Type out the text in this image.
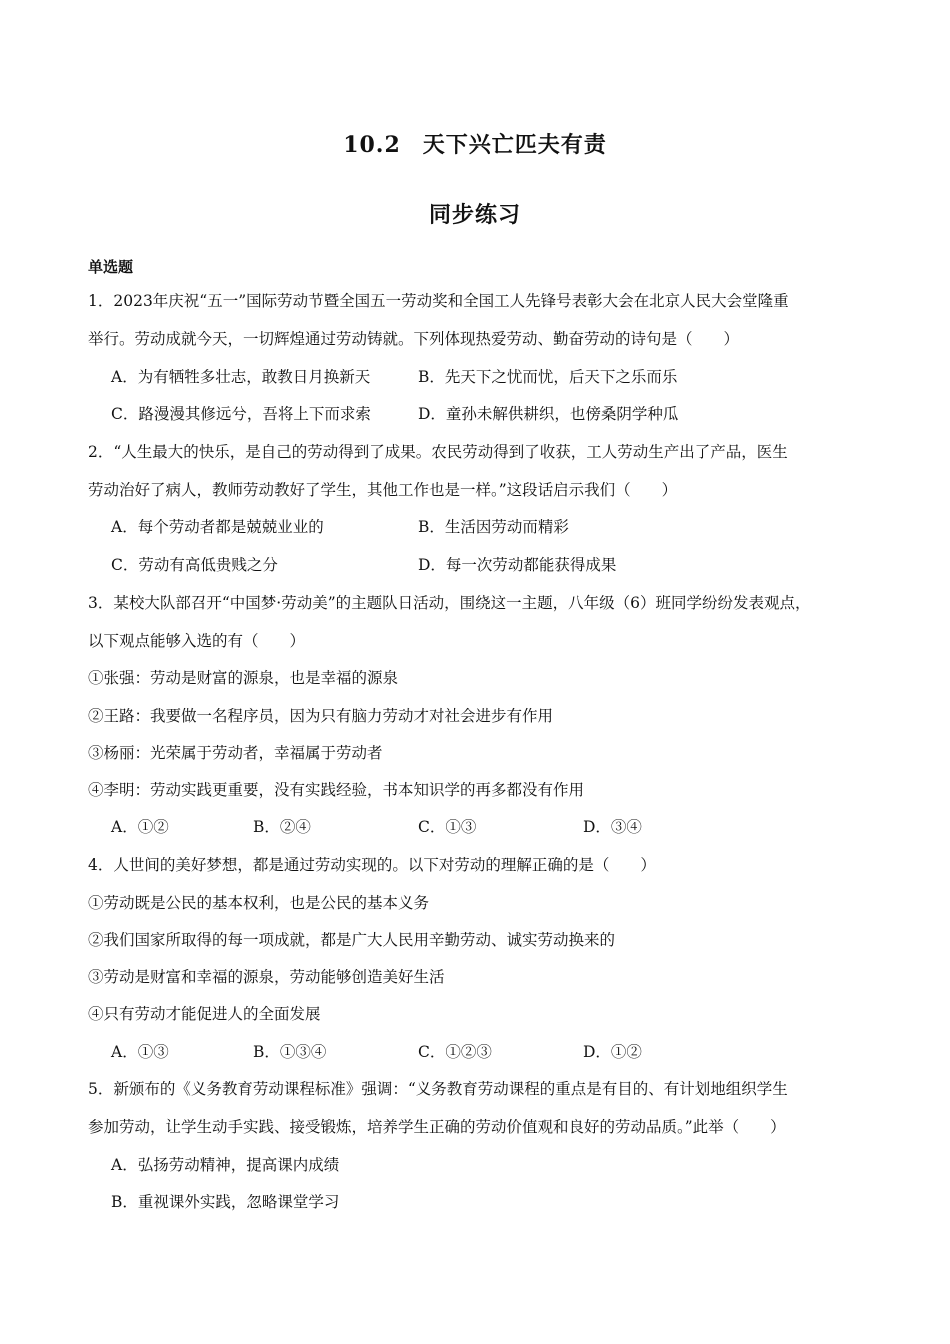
10.2 天下兴亡匹夫有责
同步练习
单选题
1．2023年庆祝“五一”国际劳动节暨全国五一劳动奖和全国工人先锋号表彰大会在北京人民大会堂隆重
举行。劳动成就今天，一切辉煌通过劳动铸就。下列体现热爱劳动、勤奋劳动的诗句是（　　）
A．为有牺牲多壮志，敢教日月换新天	B．先天下之忧而忧，后天下之乐而乐
C．路漫漫其修远兮，吾将上下而求索	D．童孙未解供耕织，也傍桑阴学种瓜
2．“人生最大的快乐，是自己的劳动得到了成果。农民劳动得到了收获，工人劳动生产出了产品，医生
劳动治好了病人，教师劳动教好了学生，其他工作也是一样。”这段话启示我们（　　）
A．每个劳动者都是兢兢业业的	B．生活因劳动而精彩
C．劳动有高低贵贱之分	D．每一次劳动都能获得成果
3．某校大队部召开“中国梦·劳动美”的主题队日活动，围绕这一主题，八年级（6）班同学纷纷发表观点，
以下观点能够入选的有（　　）
①张强：劳动是财富的源泉，也是幸福的源泉
②王路：我要做一名程序员，因为只有脑力劳动才对社会进步有作用
③杨丽：光荣属于劳动者，幸福属于劳动者
④李明：劳动实践更重要，没有实践经验，书本知识学的再多都没有作用
A．①②	B．②④	C．①③	D．③④
4．人世间的美好梦想，都是通过劳动实现的。以下对劳动的理解正确的是（　　）
①劳动既是公民的基本权利，也是公民的基本义务
②我们国家所取得的每一项成就，都是广大人民用辛勤劳动、诚实劳动换来的
③劳动是财富和幸福的源泉，劳动能够创造美好生活
④只有劳动才能促进人的全面发展
A．①③	B．①③④	C．①②③	D．①②
5．新颁布的《义务教育劳动课程标准》强调：“义务教育劳动课程的重点是有目的、有计划地组织学生
参加劳动，让学生动手实践、接受锻炼，培养学生正确的劳动价值观和良好的劳动品质。”此举（　　）
A．弘扬劳动精神，提高课内成绩
B．重视课外实践，忽略课堂学习
